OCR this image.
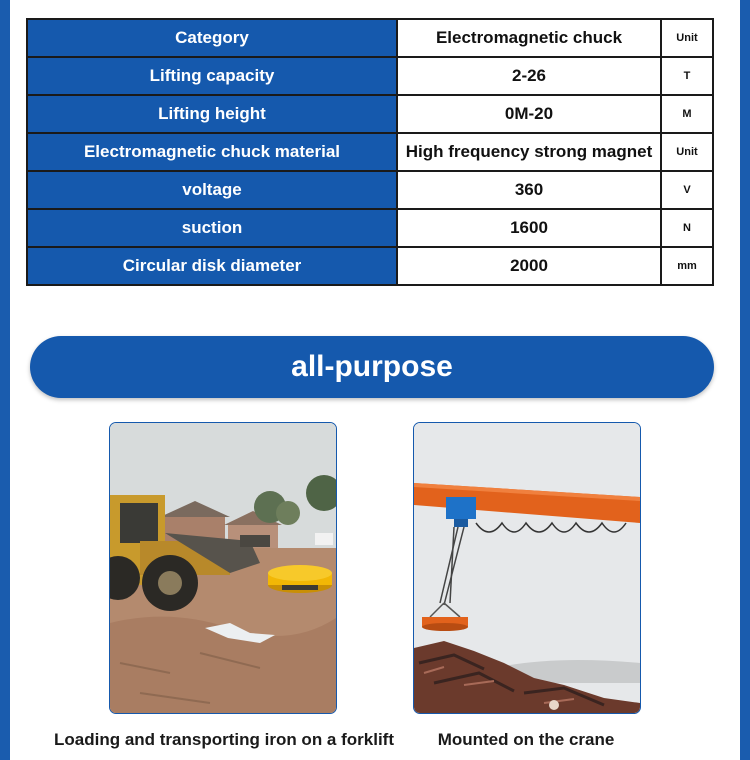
Category	Electromagnetic chuck	Unit
Lifting capacity	2-26	T
Lifting height	0M-20	M
Electromagnetic chuck material	High frequency strong magnet	Unit
voltage	360	V
suction	1600	N
Circular disk diameter	2000	mm
all-purpose
Loading and transporting iron on a forklift	Mounted on the crane
